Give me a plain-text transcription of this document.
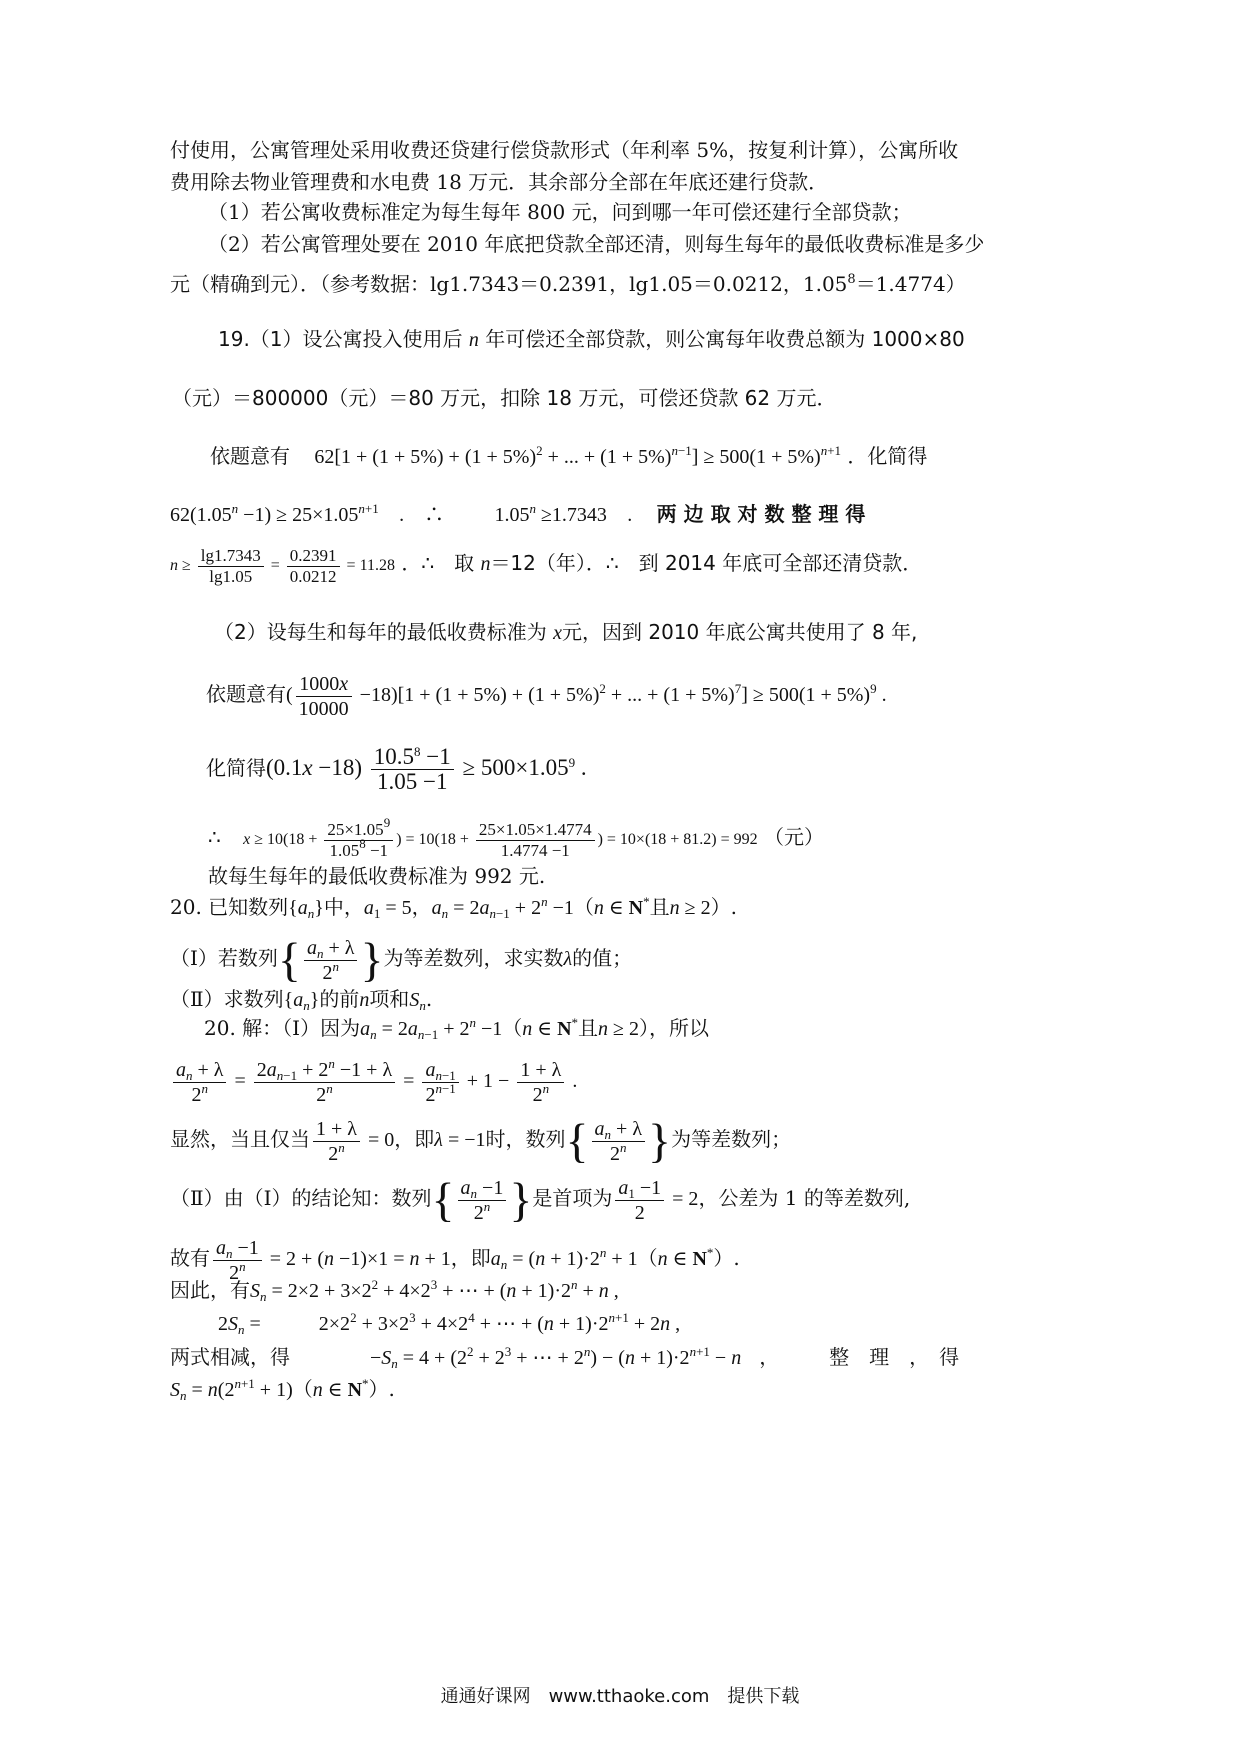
付使用，公寓管理处采用收费还贷建行偿贷款形式（年利率 5%，按复利计算），公寓所收
费用除去物业管理费和水电费 18 万元．其余部分全部在年底还建行贷款．
（1）若公寓收费标准定为每生每年 800 元，问到哪一年可偿还建行全部贷款；
（2）若公寓管理处要在 2010 年底把贷款全部还清，则每生每年的最低收费标准是多少
元（精确到元）．（参考数据：lg1.7343＝0.2391，lg1.05＝0.0212，$1.05^8=1.4774$）
19.（1）设公寓投入使用后 n 年可偿还全部贷款，则公寓每年收费总额为 1000×80
（元）＝800000（元）＝80 万元，扣除 18 万元，可偿还贷款 62 万元．
依题意有 $62[1 + (1 + 5\%) + (1 + 5\%)^2$ + ... + $(1 + 5\%)^{n-1}] \ge 500(1 + 5\%)^{n+1}$ ．化简得
$62(1.05^n -1) \ge 25\times 1.05^{n+1}$ .　∴	$1.05^n \ge 1.7343$ . 两 边 取 对 数 整 理 得
$n \ge \frac{\lg 1.7343}{\lg 1.05} = \frac{0.2391}{0.0212} = 11.28$ ．∴　取 n＝12（年）．∴　到 2014 年底可全部还清贷款．
（2）设每生和每年的最低收费标准为 x元，因到 2010 年底公寓共使用了 8 年,
依题意有( $\frac{1000x}{10000} -18)[1 + (1 + 5\%) + (1 + 5\%)^2$ + ... + $(1 + 5\%)^7] \ge 500(1 + 5\%)^9$ .
化简得$(0.1x -18) \frac{10.5^8 -1}{1.05 -1} \ge 500\times 1.05^9$ .
∴ $x \ge 10(18 + \frac{25\times 1.05^9}{1.05^8 -1}$ ) = $10(18 + \frac{25\times 1.05\times 1.4774}{1.4774 -1}$ ) = 10×(18 + 81.2) = 992 （元）
故每生每年的最低收费标准为 992 元.
20. 已知数列$\{a_n\}$中，$a_1 = 5$，$a_n = 2a_{n-1} + 2^n -1(n$ ∈ N*且n ≥ 2）.
（Ⅰ）若数列{ $\frac{a_n + \lambda}{2^n}$ }为等差数列，求实数λ的值；
（Ⅱ）求数列$\{a_n\}$的前n项和$S_n$.
20. 解：（Ⅰ）因为$a_n = 2a_{n-1} + 2^n -1(n$ ∈ N*且n ≥ 2），所以
$\frac{a_n + \lambda}{2^n} = \frac{2a_{n-1} + 2^n -1 + \lambda}{2^n} = \frac{a_{n-1}}{2^{n-1}} + 1 - \frac{1 + \lambda}{2^n}$ .
显然，当且仅当 $\frac{1 + \lambda}{2^n} = 0$，即λ = −1时，数列{ $\frac{a_n + \lambda}{2^n}$ }为等差数列；
（Ⅱ）由（Ⅰ）的结论知：数列{ $\frac{a_n -1}{2^n}$ }是首项为 $\frac{a_1 -1}{2} = 2$，公差为 1 的等差数列,
故有 $\frac{a_n -1}{2^n} = 2 + (n -1)\times 1 = n + 1$，即$a_n = (n + 1)\cdot 2^n + 1(n$ ∈ N*）.
因此，有$S_n = 2\times 2 + 3\times 2^2 + 4\times 2^3$ + ⋯ + $(n + 1)\cdot 2^n + n$ ,
$2S_n$ =	$2\times 2^2 + 3\times 2^3 + 4\times 2^4$ + ⋯ + $(n + 1)\cdot 2^{n+1} + 2n$ ,
两式相减，得	$-S_n = 4 + (2^2 + 2^3$ + ⋯ + $2^n) - (n + 1)\cdot 2^{n+1} - n$ ，　　　整　理　，　得
$S_n = n(2^{n+1} + 1)(n$ ∈ N*）.
通通好课网　www.tthaoke.com　提供下载
